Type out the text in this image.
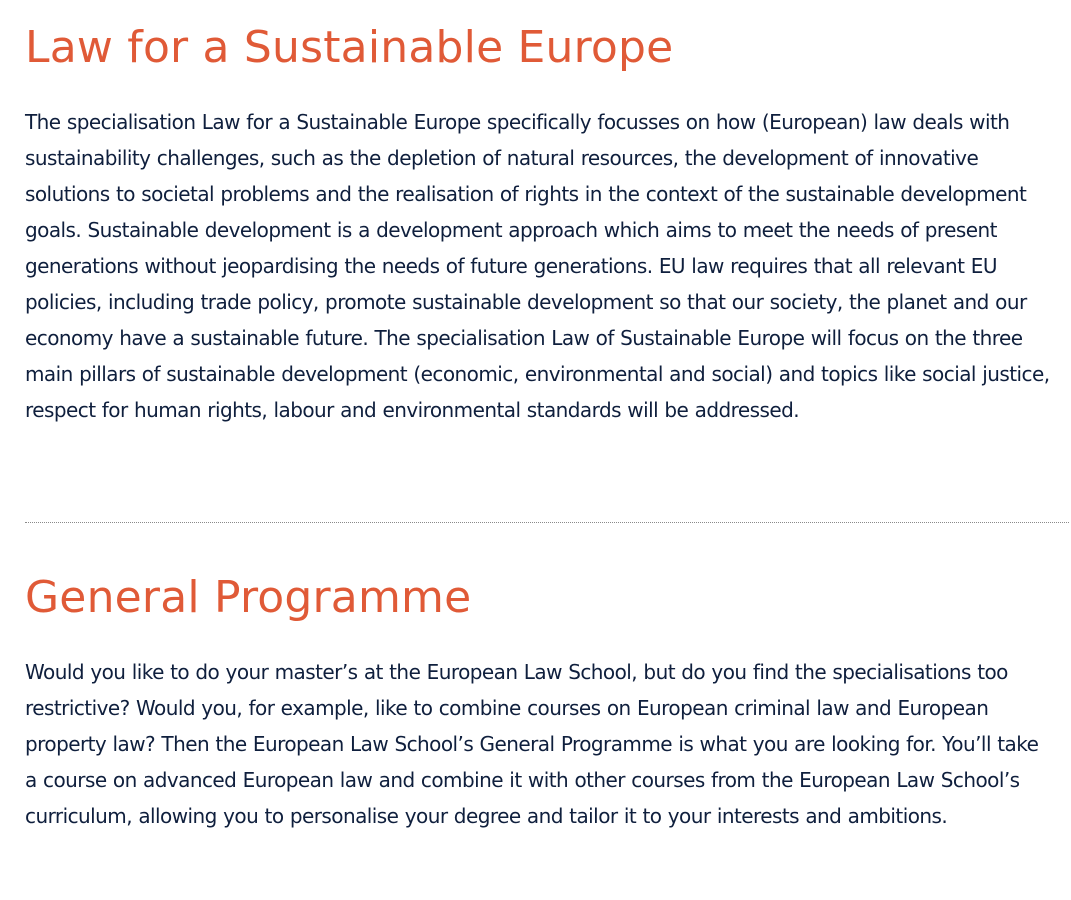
Law for a Sustainable Europe

The specialisation Law for a Sustainable Europe specifically focusses on how (European) law deals with sustainability challenges, such as the depletion of natural resources, the development of innovative solutions to societal problems and the realisation of rights in the context of the sustainable development goals. Sustainable development is a development approach which aims to meet the needs of present generations without jeopardising the needs of future generations. EU law requires that all relevant EU policies, including trade policy, promote sustainable development so that our society, the planet and our economy have a sustainable future. The specialisation Law of Sustainable Europe will focus on the three main pillars of sustainable development (economic, environmental and social) and topics like social justice, respect for human rights, labour and environmental standards will be addressed.

General Programme

Would you like to do your master’s at the European Law School, but do you find the specialisations too restrictive? Would you, for example, like to combine courses on European criminal law and European property law? Then the European Law School’s General Programme is what you are looking for. You’ll take a course on advanced European law and combine it with other courses from the European Law School’s curriculum, allowing you to personalise your degree and tailor it to your interests and ambitions.
